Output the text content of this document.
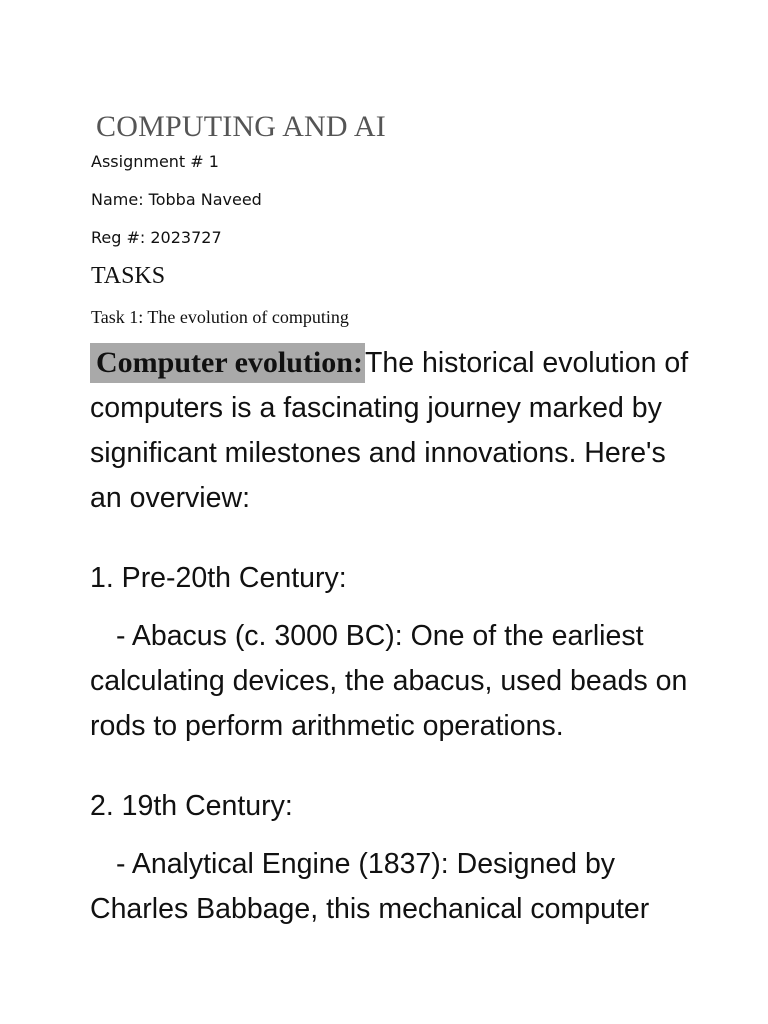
COMPUTING AND AI
Assignment # 1
Name: Tobba Naveed
Reg #: 2023727
TASKS
Task 1: The evolution of computing

Computer evolution:The historical evolution of computers is a fascinating journey marked by significant milestones and innovations. Here's an overview:

1. Pre-20th Century:

- Abacus (c. 3000 BC): One of the earliest calculating devices, the abacus, used beads on rods to perform arithmetic operations.

2. 19th Century:

- Analytical Engine (1837): Designed by Charles Babbage, this mechanical computer
